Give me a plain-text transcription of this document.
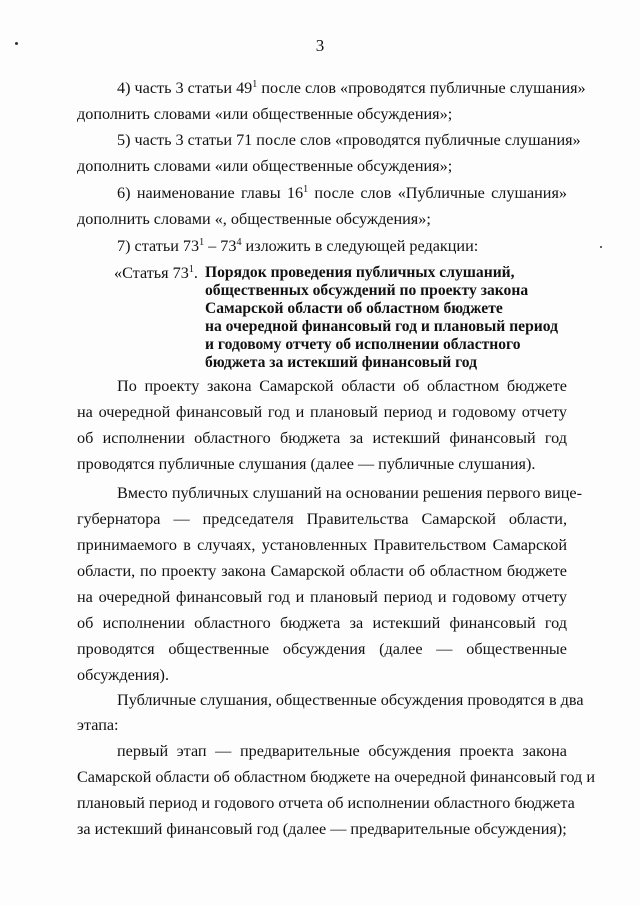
3
4) часть 3 статьи $49^1$ после слов «проводятся публичные слушания»
дополнить словами «или общественные обсуждения»;
5) часть 3 статьи 71 после слов «проводятся публичные слушания»
дополнить словами «или общественные обсуждения»;
6) наименование главы $16^1$ после слов «Публичные слушания»
дополнить словами «, общественные обсуждения»;
7) статьи $73^1 - 73^4$ изложить в следующей редакции:
«Статья $73^1$. Порядок проведения публичных слушаний,
общественных обсуждений по проекту закона
Самарской области об областном бюджете
на очередной финансовый год и плановый период
и годовому отчету об исполнении областного
бюджета за истекший финансовый год
По проекту закона Самарской области об областном бюджете
на очередной финансовый год и плановый период и годовому отчету
об исполнении областного бюджета за истекший финансовый год
проводятся публичные слушания (далее — публичные слушания).
Вместо публичных слушаний на основании решения первого вице-
губернатора — председателя Правительства Самарской области,
принимаемого в случаях, установленных Правительством Самарской
области, по проекту закона Самарской области об областном бюджете
на очередной финансовый год и плановый период и годовому отчету
об исполнении областного бюджета за истекший финансовый год
проводятся общественные обсуждения (далее — общественные
обсуждения).
Публичные слушания, общественные обсуждения проводятся в два
этапа:
первый этап — предварительные обсуждения проекта закона
Самарской области об областном бюджете на очередной финансовый год и
плановый период и годового отчета об исполнении областного бюджета
за истекший финансовый год (далее — предварительные обсуждения);
